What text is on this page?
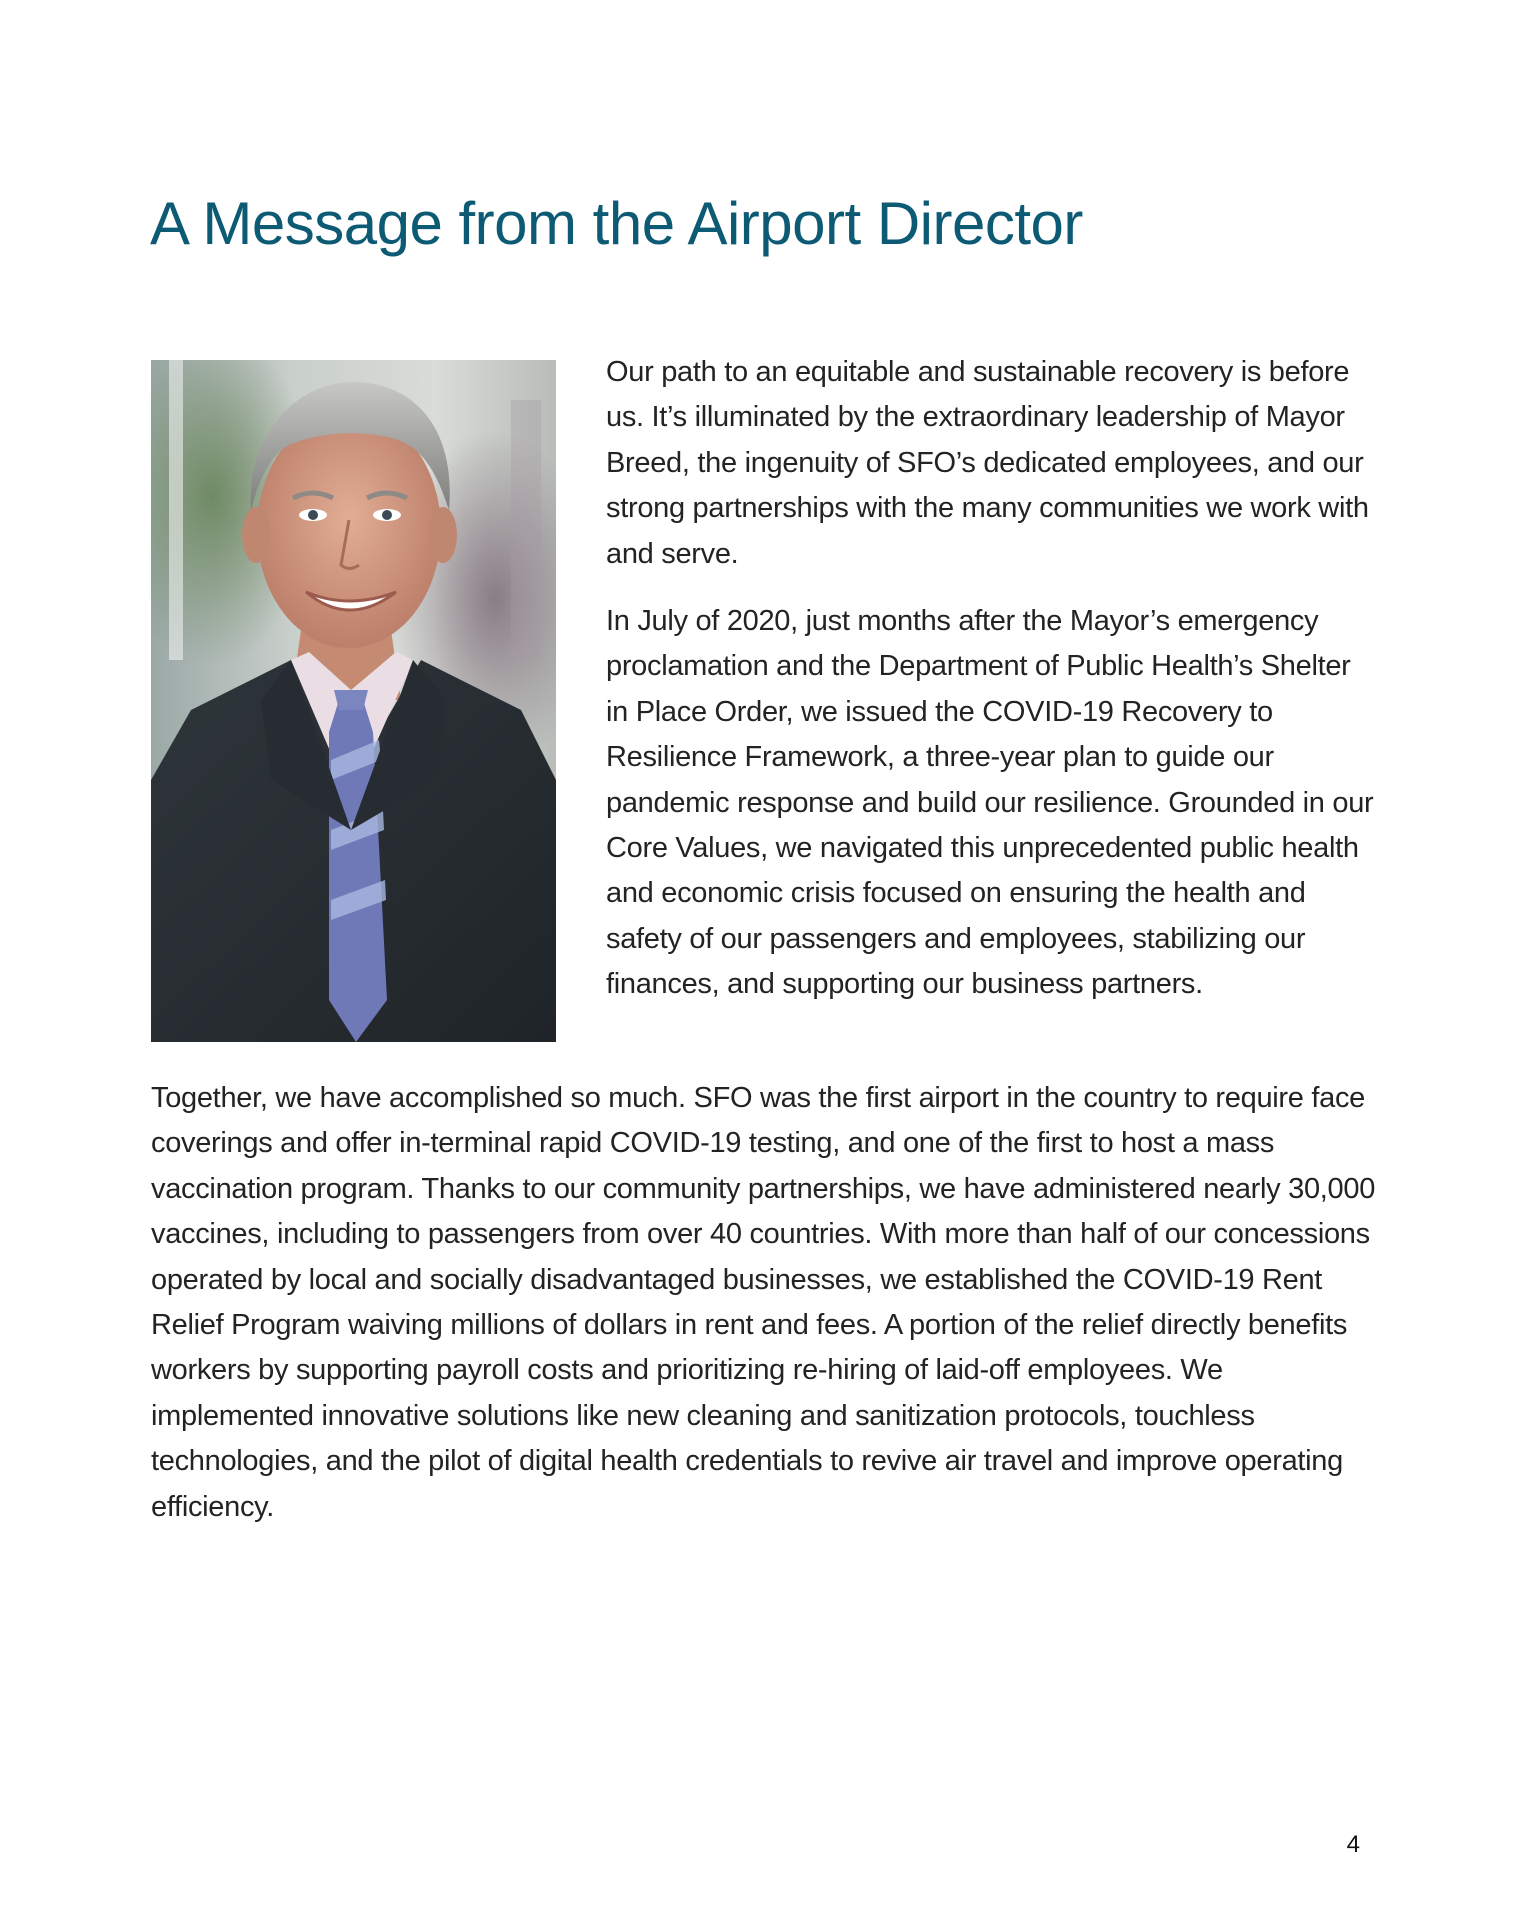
A Message from the Airport Director

Our path to an equitable and sustainable recovery is before us. It’s illuminated by the extraordinary leadership of Mayor Breed, the ingenuity of SFO’s dedicated employees, and our strong partnerships with the many communities we work with and serve.

In July of 2020, just months after the Mayor’s emergency proclamation and the Department of Public Health’s Shelter in Place Order, we issued the COVID-19 Recovery to Resilience Framework, a three-year plan to guide our pandemic response and build our resilience. Grounded in our Core Values, we navigated this unprecedented public health and economic crisis focused on ensuring the health and safety of our passengers and employees, stabilizing our finances, and supporting our business partners.

Together, we have accomplished so much. SFO was the first airport in the country to require face coverings and offer in-terminal rapid COVID-19 testing, and one of the first to host a mass vaccination program. Thanks to our community partnerships, we have administered nearly 30,000 vaccines, including to passengers from over 40 countries. With more than half of our concessions operated by local and socially disadvantaged businesses, we established the COVID-19 Rent Relief Program waiving millions of dollars in rent and fees. A portion of the relief directly benefits workers by supporting payroll costs and prioritizing re-hiring of laid-off employees. We implemented innovative solutions like new cleaning and sanitization protocols, touchless technologies, and the pilot of digital health credentials to revive air travel and improve operating efficiency.

4
